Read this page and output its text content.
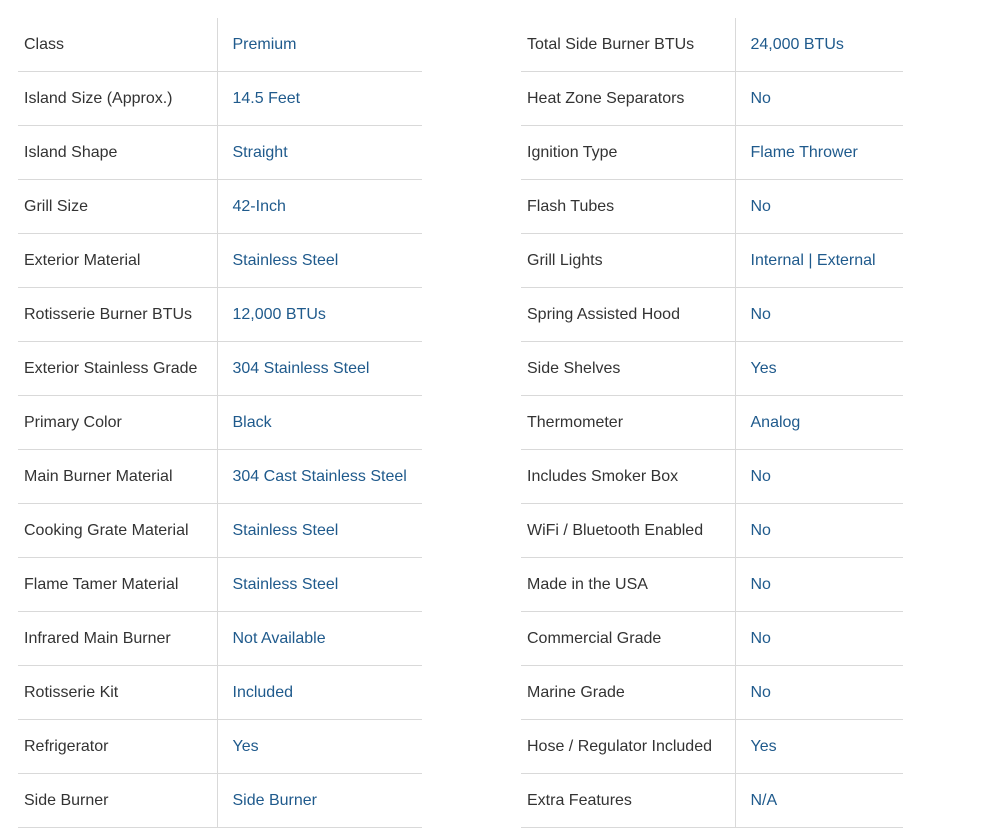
Class	Premium
Island Size (Approx.)	14.5 Feet
Island Shape	Straight
Grill Size	42-Inch
Exterior Material	Stainless Steel
Rotisserie Burner BTUs	12,000 BTUs
Exterior Stainless Grade	304 Stainless Steel
Primary Color	Black
Main Burner Material	304 Cast Stainless Steel
Cooking Grate Material	Stainless Steel
Flame Tamer Material	Stainless Steel
Infrared Main Burner	Not Available
Rotisserie Kit	Included
Refrigerator	Yes
Side Burner	Side Burner
Total Side Burner BTUs	24,000 BTUs
Heat Zone Separators	No
Ignition Type	Flame Thrower
Flash Tubes	No
Grill Lights	Internal | External
Spring Assisted Hood	No
Side Shelves	Yes
Thermometer	Analog
Includes Smoker Box	No
WiFi / Bluetooth Enabled	No
Made in the USA	No
Commercial Grade	No
Marine Grade	No
Hose / Regulator Included	Yes
Extra Features	N/A
